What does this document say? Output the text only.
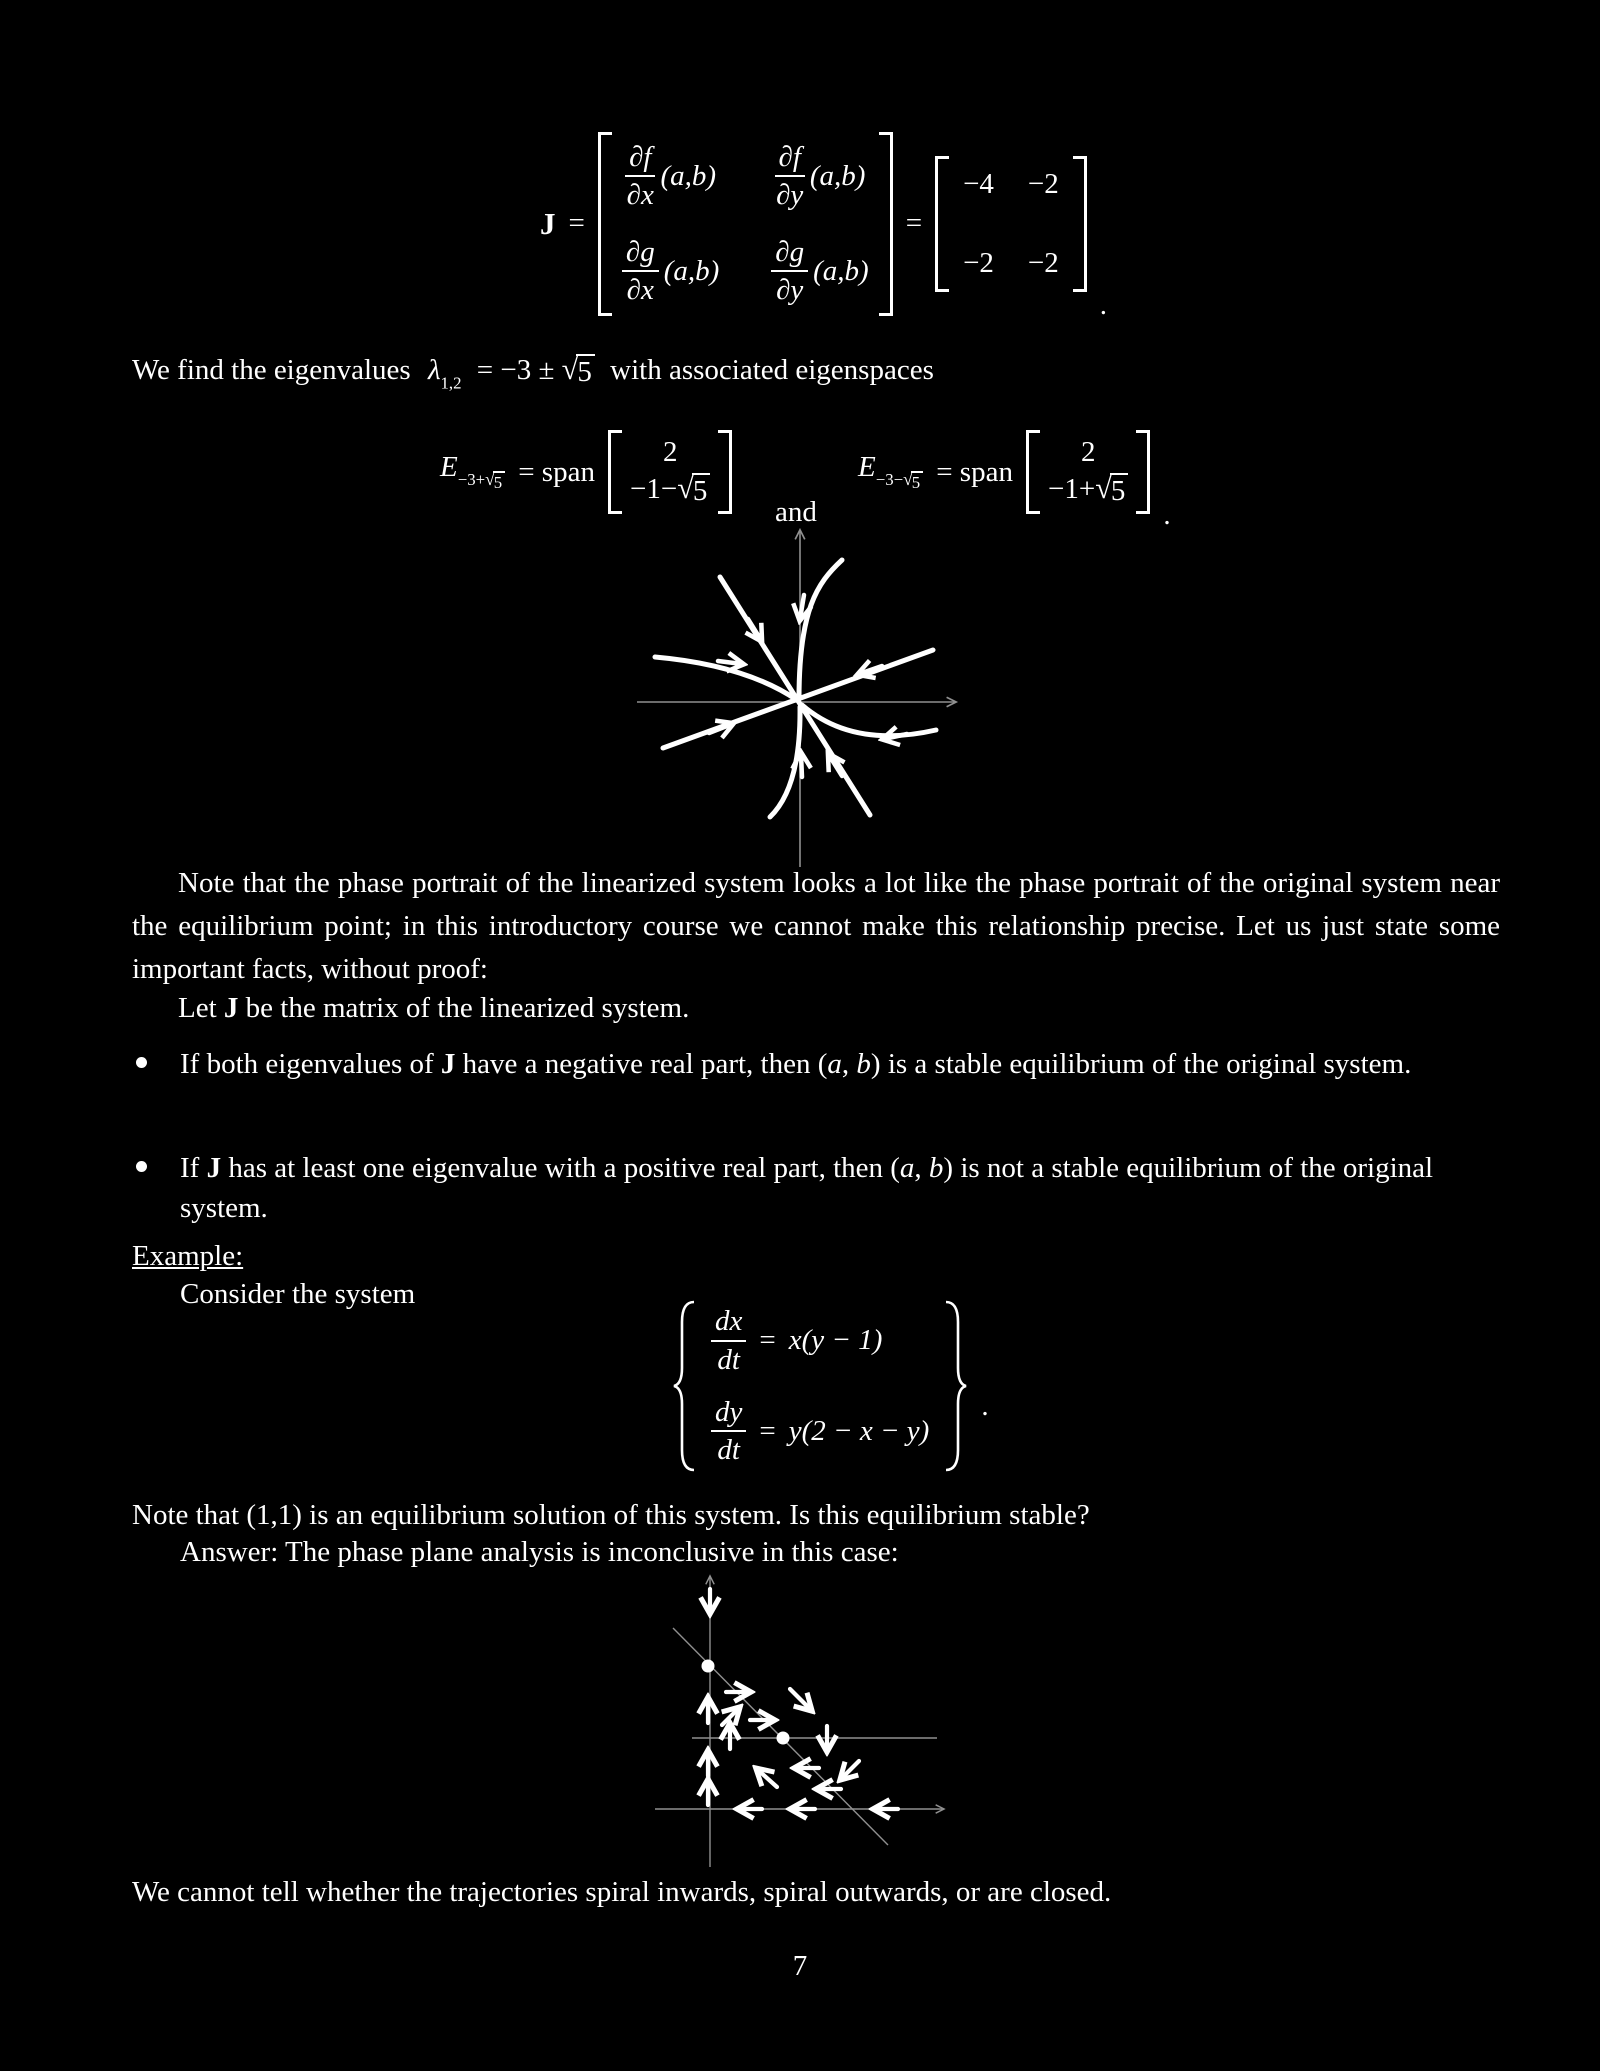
J =
$\frac{\partial f}{\partial x} (a,b) \frac{\partial f}{\partial y} (a,b)$
$\frac{\partial g}{\partial x} (a,b) \frac{\partial g}{\partial y} (a,b)$
=
−4 −2
−2 −2
.
We find the eigenvalues $\lambda_{1,2} = -3$ ± √ 5 with associated eigenspaces
$E_{-3+ √ 5}$ = span
2
−1− √ 5
and
$E_{-3- √ 5}$ = span
2
−1+ √ 5
.
Note that the phase portrait of the linearized system looks a lot like the phase portrait of the original system near the equilibrium point; in this introductory course we cannot make this relationship precise. Let us just state some important facts, without proof:
Let J be the matrix of the linearized system.
If both eigenvalues of J have a negative real part, then (a, b) is a stable equilibrium of the original system.
If J has at least one eigenvalue with a positive real part, then (a, b) is not a stable equilibrium of the original system.
Example:
Consider the system
$\frac{dx}{dt} = x(y - 1)$
$\frac{dy}{dt} = y(2 - x - y)$
.
Note that (1,1) is an equilibrium solution of this system. Is this equilibrium stable?
Answer: The phase plane analysis is inconclusive in this case:
We cannot tell whether the trajectories spiral inwards, spiral outwards, or are closed.
7
